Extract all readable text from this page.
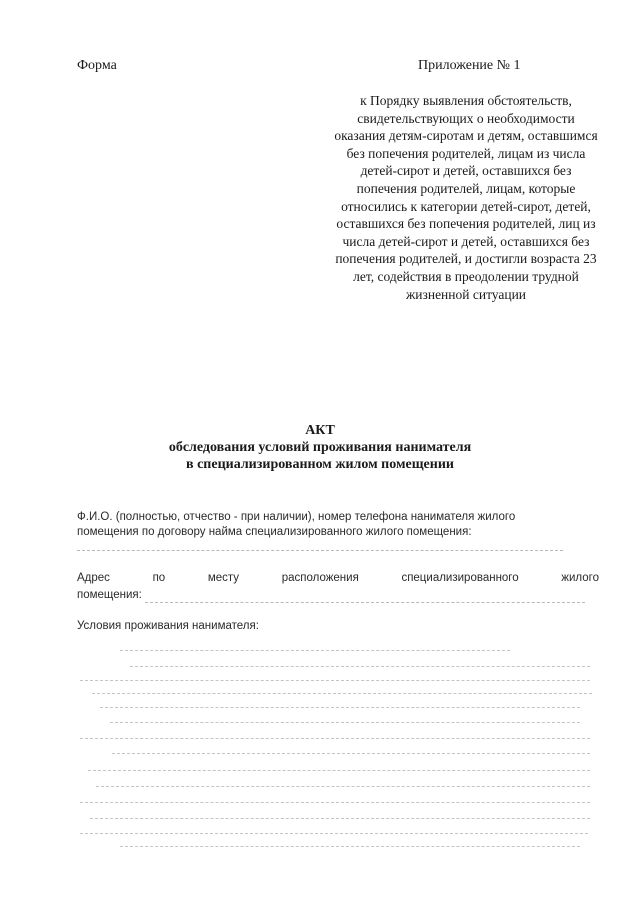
Форма	Приложение № 1

к Порядку выявления обстоятельств, свидетельствующих о необходимости оказания детям-сиротам и детям, оставшимся без попечения родителей, лицам из числа детей-сирот и детей, оставшихся без попечения родителей, лицам, которые относились к категории детей-сирот, детей, оставшихся без попечения родителей, лиц из числа детей-сирот и детей, оставшихся без попечения родителей, и достигли возраста 23 лет, содействия в преодолении трудной жизненной ситуации

АКТ
обследования условий проживания нанимателя
в специализированном жилом помещении
Ф.И.О. (полностью, отчество - при наличии), номер телефона нанимателя жилого помещения по договору найма специализированного жилого помещения:
Адрес	по	месту	расположения	специализированного	жилого
помещения:
Условия проживания нанимателя:
